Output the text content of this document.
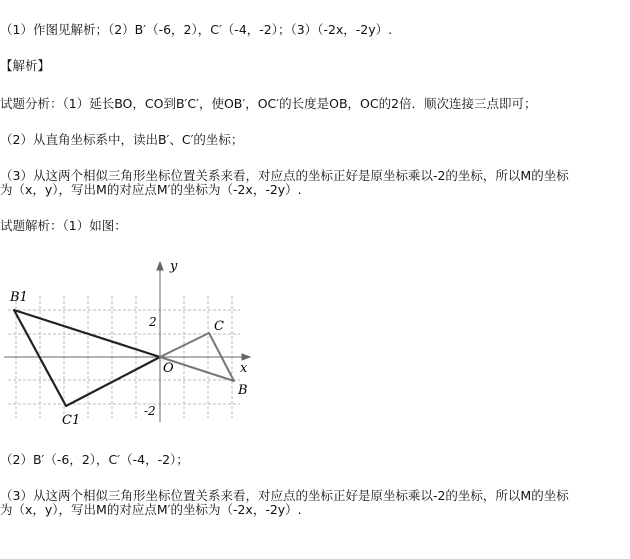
（1）作图见解析；（2）B′（-6，2），C′（-4，-2）；（3）（-2x，-2y）.
【解析】
试题分析：（1）延长BO，CO到B′C′，使OB′，OC′的长度是OB，OC的2倍．顺次连接三点即可；
（2）从直角坐标系中，读出B′、C′的坐标；
（3）从这两个相似三角形坐标位置关系来看，对应点的坐标正好是原坐标乘以-2的坐标，所以M的坐标
为（x，y），写出M的对应点M′的坐标为（-2x，-2y）.
试题解析：（1）如图：
y
x
O
2
-2
B1
C1
C
B
（2）B′（-6，2），C′（-4，-2）；
（3）从这两个相似三角形坐标位置关系来看，对应点的坐标正好是原坐标乘以-2的坐标，所以M的坐标
为（x，y），写出M的对应点M′的坐标为（-2x，-2y）.
